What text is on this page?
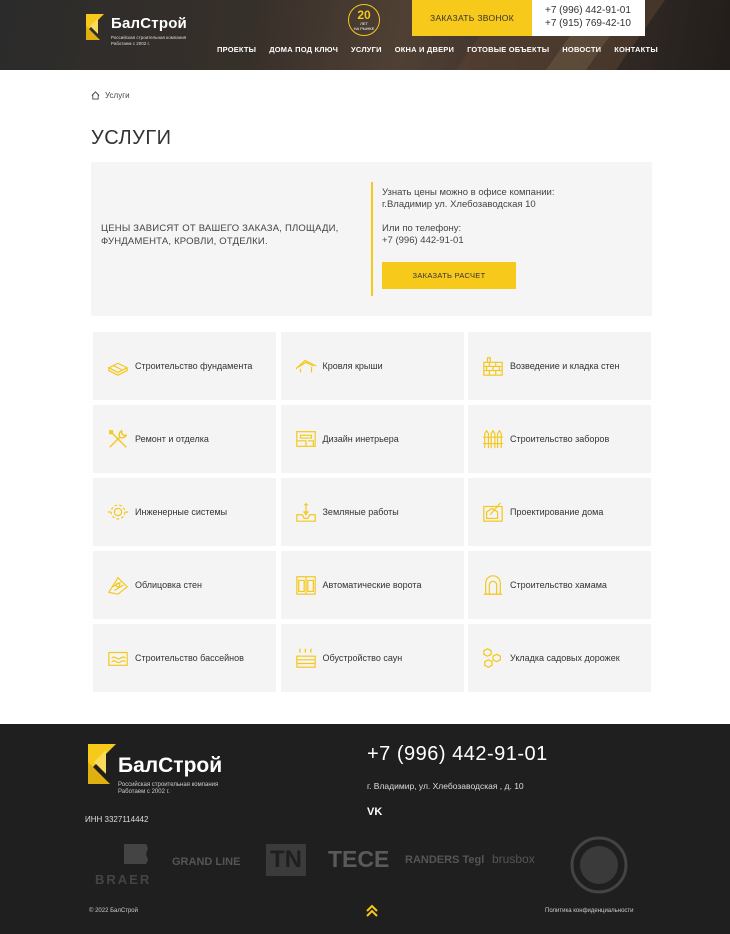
БалСтрой
Российская строительная компания
Работаем с 2002 г.
20
ЛЕТ
НА РЫНКЕ
ЗАКАЗАТЬ ЗВОНОК
+7 (996) 442-91-01
+7 (915) 769-42-10
ПРОЕКТЫ ДОМА ПОД КЛЮЧ УСЛУГИ ОКНА И ДВЕРИ ГОТОВЫЕ ОБЪЕКТЫ НОВОСТИ КОНТАКТЫ
Услуги
УСЛУГИ
ЦЕНЫ ЗАВИСЯТ ОТ ВАШЕГО ЗАКАЗА, ПЛОЩАДИ, ФУНДАМЕНТА, КРОВЛИ, ОТДЕЛКИ.
Узнать цены можно в офисе компании:
г.Владимир ул. Хлебозаводская 10
Или по телефону:
+7 (996) 442-91-01
ЗАКАЗАТЬ РАСЧЕТ
Строительство фундамента	Кровля крыши	Возведение и кладка стен
Ремонт и отделка	Дизайн инетрьера	Строительство заборов
Инженерные системы	Земляные работы	Проектирование дома
Облицовка стен	Автоматические ворота	Строительство хамама
Строительство бассейнов	Обустройство саун	Укладка садовых дорожек
БалСтрой
Российская строительная компания
Работаем с 2002 г.
ИНН 3327114442
+7 (996) 442-91-01
г. Владимир, ул. Хлебозаводская , д. 10
VK
BRAER
GRAND LINE TN TECE RANDERS Tegl brusbox
© 2022 БалСтрой	Политика конфиденциальности
